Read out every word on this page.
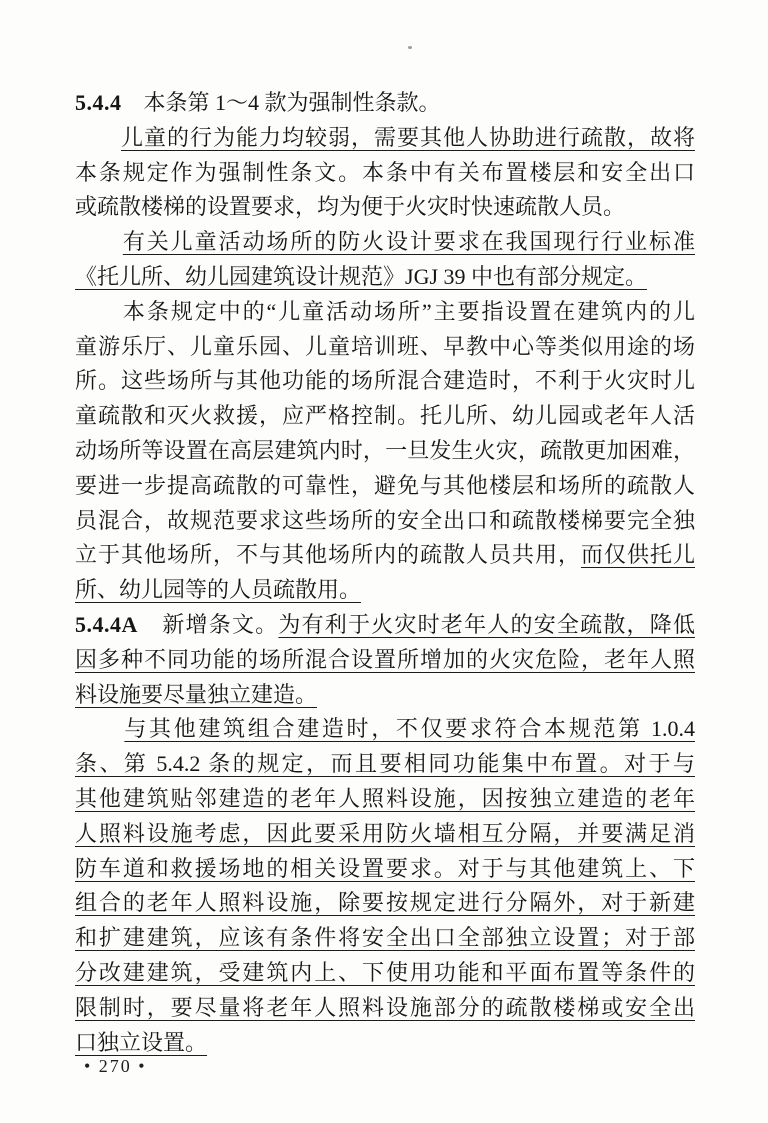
5.4.4　本条第 1～4 款为强制性条款。
　　儿童的行为能力均较弱，需要其他人协助进行疏散，故将
本条规定作为强制性条文。本条中有关布置楼层和安全出口
或疏散楼梯的设置要求，均为便于火灾时快速疏散人员。
　　有关儿童活动场所的防火设计要求在我国现行行业标准
《托儿所、幼儿园建筑设计规范》JGJ 39 中也有部分规定。
　　本条规定中的“儿童活动场所”主要指设置在建筑内的儿
童游乐厅、儿童乐园、儿童培训班、早教中心等类似用途的场
所。这些场所与其他功能的场所混合建造时，不利于火灾时儿
童疏散和灭火救援，应严格控制。托儿所、幼儿园或老年人活
动场所等设置在高层建筑内时，一旦发生火灾，疏散更加困难，
要进一步提高疏散的可靠性，避免与其他楼层和场所的疏散人
员混合，故规范要求这些场所的安全出口和疏散楼梯要完全独
立于其他场所，不与其他场所内的疏散人员共用，而仅供托儿
所、幼儿园等的人员疏散用。
5.4.4A　新增条文。为有利于火灾时老年人的安全疏散，降低
因多种不同功能的场所混合设置所增加的火灾危险，老年人照
料设施要尽量独立建造。
　　与其他建筑组合建造时，不仅要求符合本规范第 1.0.4
条、第 5.4.2 条的规定，而且要相同功能集中布置。对于与
其他建筑贴邻建造的老年人照料设施，因按独立建造的老年
人照料设施考虑，因此要采用防火墙相互分隔，并要满足消
防车道和救援场地的相关设置要求。对于与其他建筑上、下
组合的老年人照料设施，除要按规定进行分隔外，对于新建
和扩建建筑，应该有条件将安全出口全部独立设置；对于部
分改建建筑，受建筑内上、下使用功能和平面布置等条件的
限制时，要尽量将老年人照料设施部分的疏散楼梯或安全出
口独立设置。
• 270 •
